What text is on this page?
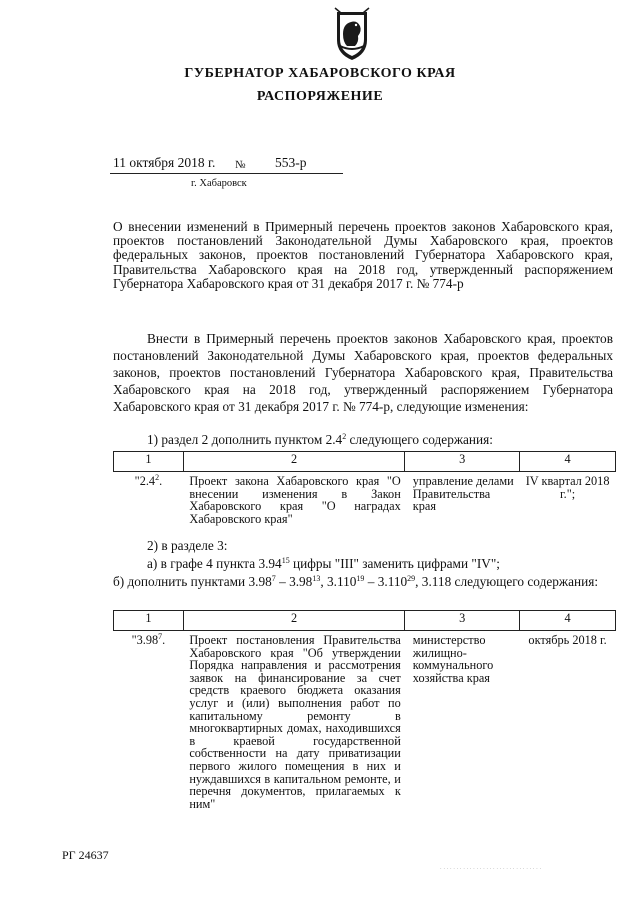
ГУБЕРНАТОР ХАБАРОВСКОГО КРАЯ
РАСПОРЯЖЕНИЕ
11 октября 2018 г. № 553-р
г. Хабаровск
О внесении изменений в Примерный перечень проектов законов Хабаровского края, проектов постановлений Законодательной Думы Хабаровского края, проектов федеральных законов, проектов постановлений Губернатора Хабаровского края, Правительства Хабаровского края на 2018 год, утвержденный распоряжением Губернатора Хабаровского края от 31 декабря 2017 г. № 774-р
Внести в Примерный перечень проектов законов Хабаровского края, проектов постановлений Законодательной Думы Хабаровского края, проектов федеральных законов, проектов постановлений Губернатора Хабаровского края, Правительства Хабаровского края на 2018 год, утвержденный распоряжением Губернатора Хабаровского края от 31 декабря 2017 г. № 774-р, следующие изменения:
1) раздел 2 дополнить пунктом $2.4^2$ следующего содержания:
1	2	3	4
"$2.4^2$.	Проект закона Хабаровского края "О внесении изменения в Закон Хабаровского края "О наградах Хабаровского края"	управление делами Правительства края	IV квартал 2018 г.";
2) в разделе 3:
а) в графе 4 пункта 3.94$^{15}$ цифры "III" заменить цифрами "IV";
б) дополнить пунктами 3.98$^7$ – 3.98$^{13}$, 3.110$^{19}$ – 3.110$^{29}$, 3.118 следующего содержания:
1	2	3	4
"3.98$^7$.	Проект постановления Правительства Хабаровского края "Об утверждении Порядка направления и рассмотрения заявок на финансирование за счет средств краевого бюджета оказания услуг и (или) выполнения работ по капитальному ремонту в многоквартирных домах, находившихся в краевой государственной собственности на дату приватизации первого жилого помещения в них и нуждавшихся в капитальном ремонте, и перечня документов, прилагаемых к ним"	министерство жилищно-коммунального хозяйства края	октябрь 2018 г.
РГ 24637
· · · · · · · · · · · · · · · · · · · · · · · · · · · · · · ·
